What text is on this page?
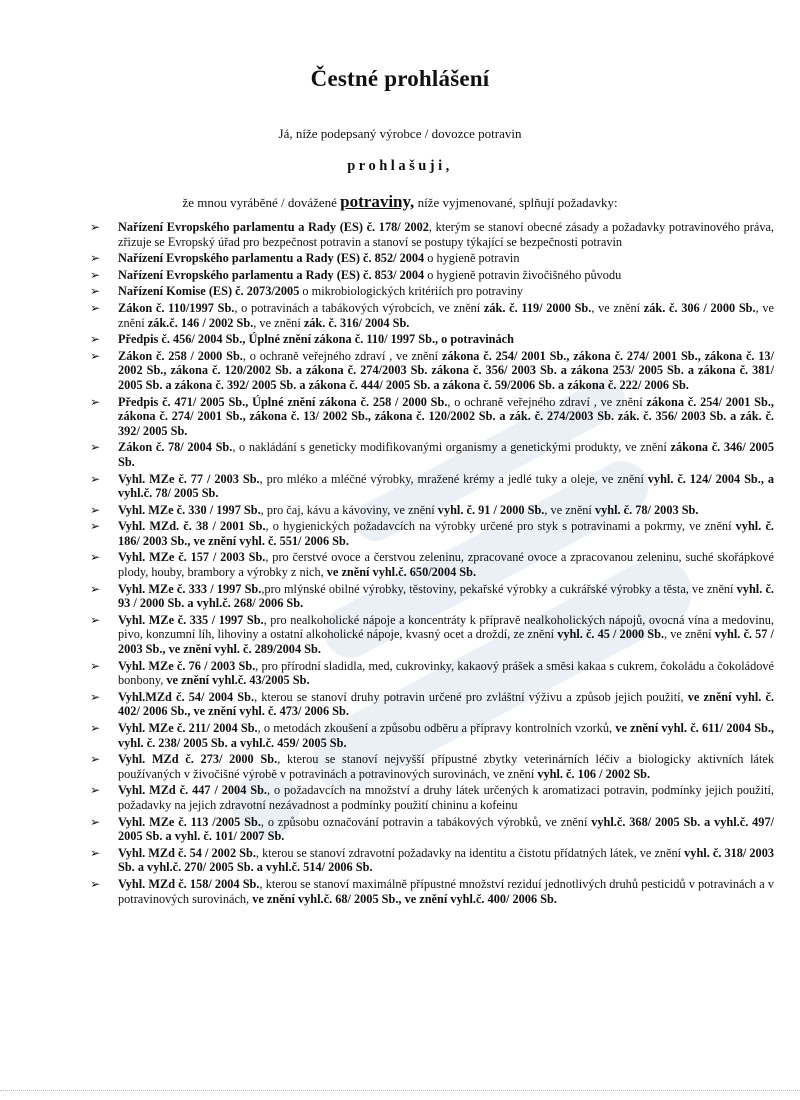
Čestné prohlášení
Já, níže podepsaný výrobce / dovozce potravin
prohlašuji,
že mnou vyráběné / dovážené potraviny, níže vyjmenované, splňují požadavky:
➢ Nařízení Evropského parlamentu a Rady (ES) č. 178/ 2002, kterým se stanoví obecné zásady a požadavky potravinového práva, zřizuje se Evropský úřad pro bezpečnost potravin a stanoví se postupy týkající se bezpečnosti potravin
➢ Nařízení Evropského parlamentu a Rady (ES) č. 852/ 2004 o hygieně potravin
➢ Nařízení Evropského parlamentu a Rady (ES) č. 853/ 2004 o hygieně potravin živočišného původu
➢ Nařízení Komise (ES) č. 2073/2005 o mikrobiologických kritériích pro potraviny
➢ Zákon č. 110/1997 Sb., o potravinách a tabákových výrobcích, ve znění zák. č. 119/ 2000 Sb., ve znění zák. č. 306 / 2000 Sb., ve znění zák.č. 146 / 2002 Sb., ve znění zák. č. 316/ 2004 Sb.
➢ Předpis č. 456/ 2004 Sb., Úplné znění zákona č. 110/ 1997 Sb., o potravinách
➢ Zákon č. 258 / 2000 Sb., o ochraně veřejného zdraví , ve znění zákona č. 254/ 2001 Sb., zákona č. 274/ 2001 Sb., zákona č. 13/ 2002 Sb., zákona č. 120/2002 Sb. a zákona č. 274/2003 Sb. zákona č. 356/ 2003 Sb. a zákona 253/ 2005 Sb. a zákona č. 381/ 2005 Sb. a zákona č. 392/ 2005 Sb. a zákona č. 444/ 2005 Sb. a zákona č. 59/2006 Sb. a zákona č. 222/ 2006 Sb.
➢ Předpis č. 471/ 2005 Sb., Úplné znění zákona č. 258 / 2000 Sb., o ochraně veřejného zdraví , ve znění zákona č. 254/ 2001 Sb., zákona č. 274/ 2001 Sb., zákona č. 13/ 2002 Sb., zákona č. 120/2002 Sb. a zák. č. 274/2003 Sb. zák. č. 356/ 2003 Sb. a zák. č. 392/ 2005 Sb.
➢ Zákon č. 78/ 2004 Sb., o nakládání s geneticky modifikovanými organismy a genetickými produkty, ve znění zákona č. 346/ 2005 Sb.
➢ Vyhl. MZe č. 77 / 2003 Sb., pro mléko a mléčné výrobky, mražené krémy a jedlé tuky a oleje, ve znění vyhl. č. 124/ 2004 Sb., a vyhl.č. 78/ 2005 Sb.
➢ Vyhl. MZe č. 330 / 1997 Sb., pro čaj, kávu a kávoviny, ve znění vyhl. č. 91 / 2000 Sb., ve znění vyhl. č. 78/ 2003 Sb.
➢ Vyhl. MZd. č. 38 / 2001 Sb., o hygienických požadavcích na výrobky určené pro styk s potravinami a pokrmy, ve znění vyhl. č. 186/ 2003 Sb., ve znění vyhl. č. 551/ 2006 Sb.
➢ Vyhl. MZe č. 157 / 2003 Sb., pro čerstvé ovoce a čerstvou zeleninu, zpracované ovoce a zpracovanou zeleninu, suché skořápkové plody, houby, brambory a výrobky z nich, ve znění vyhl.č. 650/2004 Sb.
➢ Vyhl. MZe č. 333 / 1997 Sb.,pro mlýnské obilné výrobky, těstoviny, pekařské výrobky a cukrářské výrobky a těsta, ve znění vyhl. č. 93 / 2000 Sb. a vyhl.č. 268/ 2006 Sb.
➢ Vyhl. MZe č. 335 / 1997 Sb., pro nealkoholické nápoje a koncentráty k přípravě nealkoholických nápojů, ovocná vína a medovinu, pivo, konzumní líh, lihoviny a ostatní alkoholické nápoje, kvasný ocet a droždí, ze znění vyhl. č. 45 / 2000 Sb., ve znění vyhl. č. 57 / 2003 Sb., ve znění vyhl. č. 289/2004 Sb.
➢ Vyhl. MZe č. 76 / 2003 Sb., pro přírodní sladidla, med, cukrovinky, kakaový prášek a směsi kakaa s cukrem, čokoládu a čokoládové bonbony, ve znění vyhl.č. 43/2005 Sb.
➢ Vyhl.MZd č. 54/ 2004 Sb., kterou se stanoví druhy potravin určené pro zvláštní výživu a způsob jejich použití, ve znění vyhl. č. 402/ 2006 Sb., ve znění vyhl. č. 473/ 2006 Sb.
➢ Vyhl. MZe č. 211/ 2004 Sb., o metodách zkoušení a způsobu odběru a přípravy kontrolních vzorků, ve znění vyhl. č. 611/ 2004 Sb., vyhl. č. 238/ 2005 Sb. a vyhl.č. 459/ 2005 Sb.
➢ Vyhl. MZd č. 273/ 2000 Sb., kterou se stanoví nejvyšší přípustné zbytky veterinárních léčiv a biologicky aktivních látek používaných v živočišné výrobě v potravinách a potravinových surovinách, ve znění vyhl. č. 106 / 2002 Sb.
➢ Vyhl. MZd č. 447 / 2004 Sb., o požadavcích na množství a druhy látek určených k aromatizaci potravin, podmínky jejich použití, požadavky na jejich zdravotní nezávadnost a podmínky použití chininu a kofeinu
➢ Vyhl. MZe č. 113 /2005 Sb., o způsobu označování potravin a tabákových výrobků, ve znění vyhl.č. 368/ 2005 Sb. a vyhl.č. 497/ 2005 Sb. a vyhl. č. 101/ 2007 Sb.
➢ Vyhl. MZd č. 54 / 2002 Sb., kterou se stanoví zdravotní požadavky na identitu a čistotu přídatných látek, ve znění vyhl. č. 318/ 2003 Sb. a vyhl.č. 270/ 2005 Sb. a vyhl.č. 514/ 2006 Sb.
➢ Vyhl. MZd č. 158/ 2004 Sb., kterou se stanoví maximálně přípustné množství reziduí jednotlivých druhů pesticidů v potravinách a v potravinových surovinách, ve znění vyhl.č. 68/ 2005 Sb., ve znění vyhl.č. 400/ 2006 Sb.
